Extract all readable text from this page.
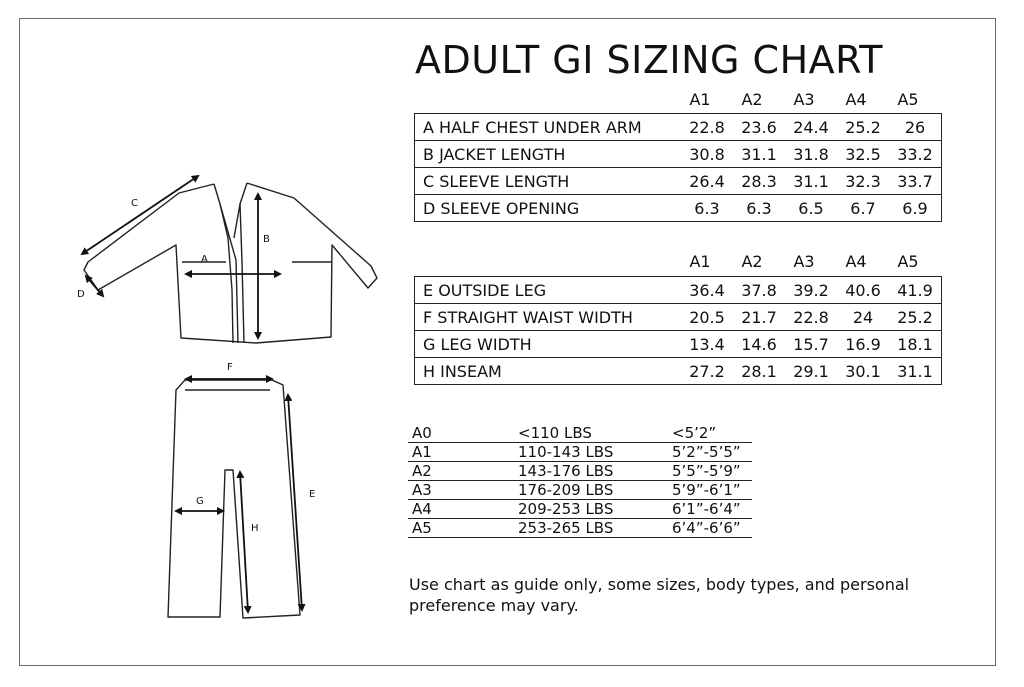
C
A
B
D
F
E
G
H
ADULT GI SIZING CHART
A1	A2	A3	A4	A5
A HALF CHEST UNDER ARM	22.8 23.6 24.4 25.2 26
B JACKET LENGTH	30.8 31.1 31.8 32.5 33.2
C SLEEVE LENGTH	26.4 28.3 31.1 32.3 33.7
D SLEEVE OPENING	6.3 6.3 6.5 6.7 6.9
A1	A2	A3	A4	A5
E OUTSIDE LEG	36.4 37.8 39.2 40.6 41.9
F STRAIGHT WAIST WIDTH	20.5 21.7 22.8 24 25.2
G LEG WIDTH	13.4 14.6 15.7 16.9 18.1
H INSEAM	27.2 28.1 29.1 30.1 31.1
A0	<110 LBS	<5’2”
A1	110-143 LBS	5’2”-5’5”
A2	143-176 LBS	5’5”-5’9”
A3	176-209 LBS	5’9”-6’1”
A4	209-253 LBS	6’1”-6’4”
A5	253-265 LBS	6’4”-6’6”
Use chart as guide only, some sizes, body types, and personal preference may vary.
